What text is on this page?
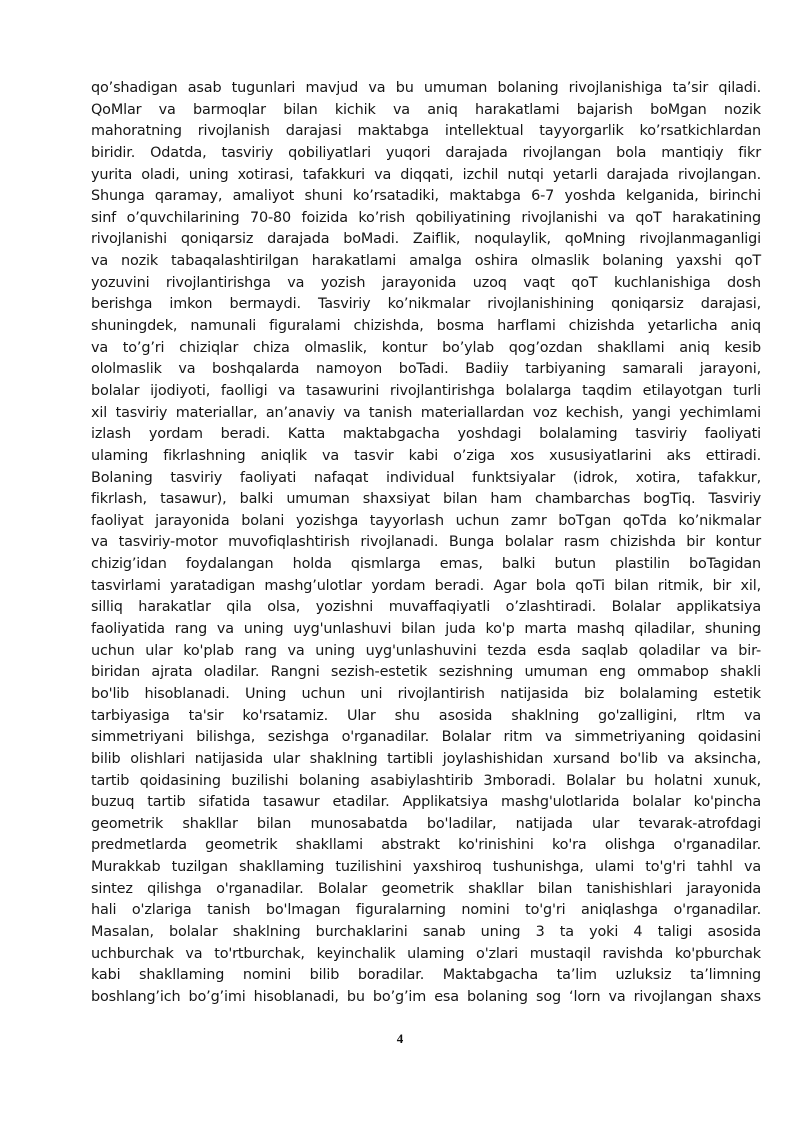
qo’shadigan asab tugunlari mavjud va bu umuman bolaning rivojlanishiga ta’sir qiladi.
QoMlar va barmoqlar bilan kichik va aniq harakatlami bajarish boMgan nozik
mahoratning rivojlanish darajasi maktabga intellektual tayyorgarlik ko’rsatkichlardan
biridir. Odatda, tasviriy qobiliyatlari yuqori darajada rivojlangan bola mantiqiy fikr
yurita oladi, uning xotirasi, tafakkuri va diqqati, izchil nutqi yetarli darajada rivojlangan.
Shunga qaramay, amaliyot shuni ko’rsatadiki, maktabga 6-7 yoshda kelganida, birinchi
sinf o’quvchilarining 70-80 foizida ko’rish qobiliyatining rivojlanishi va qoT harakatining
rivojlanishi qoniqarsiz darajada boMadi. Zaiflik, noqulaylik, qoMning rivojlanmaganligi
va nozik tabaqalashtirilgan harakatlami amalga oshira olmaslik bolaning yaxshi qoT
yozuvini rivojlantirishga va yozish jarayonida uzoq vaqt qoT kuchlanishiga dosh
berishga imkon bermaydi. Tasviriy ko’nikmalar rivojlanishining qoniqarsiz darajasi,
shuningdek, namunali figuralami chizishda, bosma harflami chizishda yetarlicha aniq
va to’g’ri chiziqlar chiza olmaslik, kontur bo’ylab qog’ozdan shakllami aniq kesib
ololmaslik va boshqalarda namoyon boTadi. Badiiy tarbiyaning samarali jarayoni,
bolalar ijodiyoti, faolligi va tasawurini rivojlantirishga bolalarga taqdim etilayotgan turli
xil tasviriy materiallar, an’anaviy va tanish materiallardan voz kechish, yangi yechimlami
izlash yordam beradi. Katta maktabgacha yoshdagi bolalaming tasviriy faoliyati
ulaming fikrlashning aniqlik va tasvir kabi o’ziga xos xususiyatlarini aks ettiradi.
Bolaning tasviriy faoliyati nafaqat individual funktsiyalar (idrok, xotira, tafakkur,
fikrlash, tasawur), balki umuman shaxsiyat bilan ham chambarchas bogTiq. Tasviriy
faoliyat jarayonida bolani yozishga tayyorlash uchun zamr boTgan qoTda ko’nikmalar
va tasviriy-motor muvofiqlashtirish rivojlanadi. Bunga bolalar rasm chizishda bir kontur
chizig’idan foydalangan holda qismlarga emas, balki butun plastilin boTagidan
tasvirlami yaratadigan mashg’ulotlar yordam beradi. Agar bola qoTi bilan ritmik, bir xil,
silliq harakatlar qila olsa, yozishni muvaffaqiyatli o’zlashtiradi. Bolalar applikatsiya
faoliyatida rang va uning uyg'unlashuvi bilan juda ko'p marta mashq qiladilar, shuning
uchun ular ko'plab rang va uning uyg'unlashuvini tezda esda saqlab qoladilar va bir-
biridan ajrata oladilar. Rangni sezish-estetik sezishning umuman eng ommabop shakli
bo'lib hisoblanadi. Uning uchun uni rivojlantirish natijasida biz bolalaming estetik
tarbiyasiga ta'sir ko'rsatamiz. Ular shu asosida shaklning go'zalligini, rltm va
simmetriyani bilishga, sezishga o'rganadilar. Bolalar ritm va simmetriyaning qoidasini
bilib olishlari natijasida ular shaklning tartibli joylashishidan xursand bo'lib va aksincha,
tartib qoidasining buzilishi bolaning asabiylashtirib 3mboradi. Bolalar bu holatni xunuk,
buzuq tartib sifatida tasawur etadilar. Applikatsiya mashg'ulotlarida bolalar ko'pincha
geometrik shakllar bilan munosabatda bo'ladilar, natijada ular tevarak-atrofdagi
predmetlarda geometrik shakllami abstrakt ko'rinishini ko'ra olishga o'rganadilar.
Murakkab tuzilgan shakllaming tuzilishini yaxshiroq tushunishga, ulami to'g'ri tahhl va
sintez qilishga o'rganadilar. Bolalar geometrik shakllar bilan tanishishlari jarayonida
hali o'zlariga tanish bo'lmagan figuralarning nomini to'g'ri aniqlashga o'rganadilar.
Masalan, bolalar shaklning burchaklarini sanab uning 3 ta yoki 4 taligi asosida
uchburchak va to'rtburchak, keyinchalik ulaming o'zlari mustaqil ravishda ko'pburchak
kabi shakllaming nomini bilib boradilar. Maktabgacha ta’lim uzluksiz ta’limning
boshlang’ich bo’g’imi hisoblanadi, bu bo’g’im esa bolaning sog ‘lorn va rivojlangan shaxs
4
